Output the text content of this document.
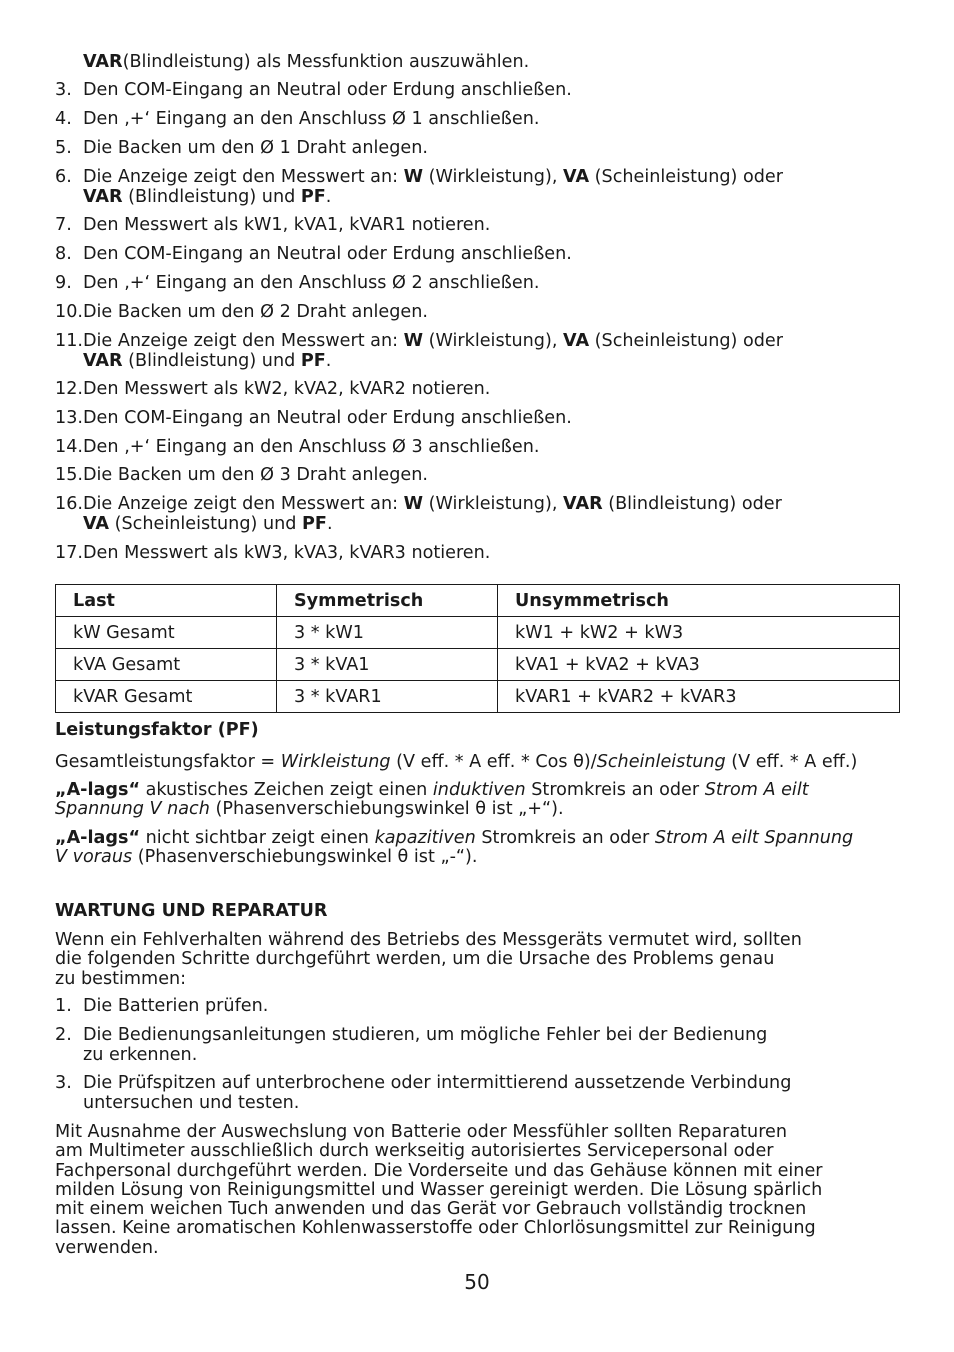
VAR(Blindleistung) als Messfunktion auszuwählen.
3. Den COM-Eingang an Neutral oder Erdung anschließen.
4. Den ‚+‘ Eingang an den Anschluss Ø 1 anschließen.
5. Die Backen um den Ø 1 Draht anlegen.
6. Die Anzeige zeigt den Messwert an: W (Wirkleistung), VA (Scheinleistung) oder
VAR (Blindleistung) und PF.
7. Den Messwert als kW1, kVA1, kVAR1 notieren.
8. Den COM-Eingang an Neutral oder Erdung anschließen.
9. Den ‚+‘ Eingang an den Anschluss Ø 2 anschließen.
10. Die Backen um den Ø 2 Draht anlegen.
11. Die Anzeige zeigt den Messwert an: W (Wirkleistung), VA (Scheinleistung) oder
VAR (Blindleistung) und PF.
12. Den Messwert als kW2, kVA2, kVAR2 notieren.
13. Den COM-Eingang an Neutral oder Erdung anschließen.
14. Den ‚+‘ Eingang an den Anschluss Ø 3 anschließen.
15. Die Backen um den Ø 3 Draht anlegen.
16. Die Anzeige zeigt den Messwert an: W (Wirkleistung), VAR (Blindleistung) oder
VA (Scheinleistung) und PF.
17. Den Messwert als kW3, kVA3, kVAR3 notieren.
Last	Symmetrisch	Unsymmetrisch
kW Gesamt	3 * kW1	kW1 + kW2 + kW3
kVA Gesamt	3 * kVA1	kVA1 + kVA2 + kVA3
kVAR Gesamt	3 * kVAR1	kVAR1 + kVAR2 + kVAR3
Leistungsfaktor (PF)
Gesamtleistungsfaktor = Wirkleistung (V eff. * A eff. * Cos θ)/Scheinleistung (V eff. * A eff.)
„A-lags“ akustisches Zeichen zeigt einen induktiven Stromkreis an oder Strom A eilt
Spannung V nach (Phasenverschiebungswinkel θ ist „+“).
„A-lags“ nicht sichtbar zeigt einen kapazitiven Stromkreis an oder Strom A eilt Spannung
V voraus (Phasenverschiebungswinkel θ ist „-“).
WARTUNG UND REPARATUR
Wenn ein Fehlverhalten während des Betriebs des Messgeräts vermutet wird, sollten
die folgenden Schritte durchgeführt werden, um die Ursache des Problems genau
zu bestimmen:
1. Die Batterien prüfen.
2. Die Bedienungsanleitungen studieren, um mögliche Fehler bei der Bedienung
zu erkennen.
3. Die Prüfspitzen auf unterbrochene oder intermittierend aussetzende Verbindung
untersuchen und testen.
Mit Ausnahme der Auswechslung von Batterie oder Messfühler sollten Reparaturen
am Multimeter ausschließlich durch werkseitig autorisiertes Servicepersonal oder
Fachpersonal durchgeführt werden. Die Vorderseite und das Gehäuse können mit einer
milden Lösung von Reinigungsmittel und Wasser gereinigt werden. Die Lösung spärlich
mit einem weichen Tuch anwenden und das Gerät vor Gebrauch vollständig trocknen
lassen. Keine aromatischen Kohlenwasserstoffe oder Chlorlösungsmittel zur Reinigung
verwenden.
50
